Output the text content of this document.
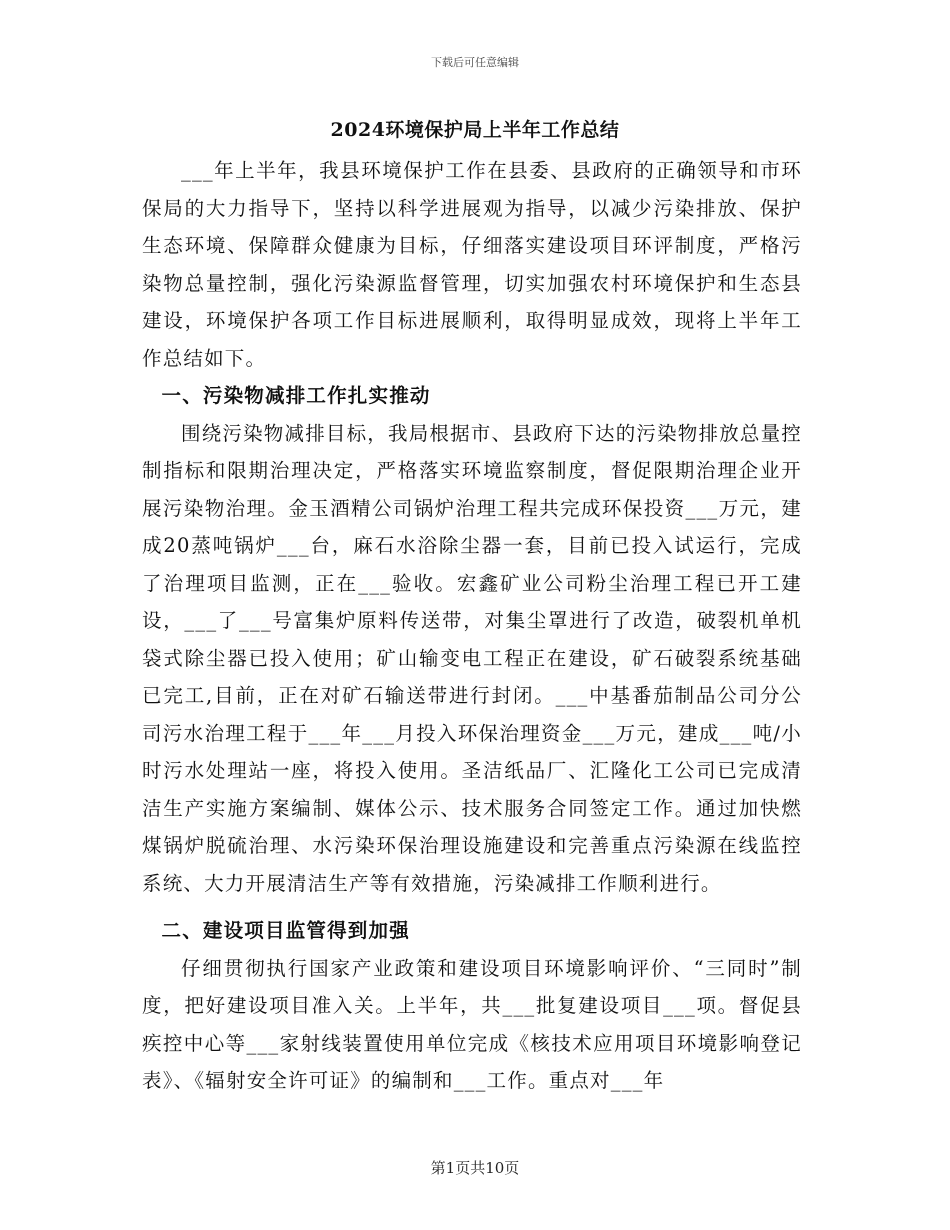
下载后可任意编辑
2024环境保护局上半年工作总结

___年上半年，我县环境保护工作在县委、县政府的正确领导和市环保局的大力指导下，坚持以科学进展观为指导，以减少污染排放、保护生态环境、保障群众健康为目标，仔细落实建设项目环评制度，严格污染物总量控制，强化污染源监督管理，切实加强农村环境保护和生态县建设，环境保护各项工作目标进展顺利，取得明显成效，现将上半年工作总结如下。

一、污染物减排工作扎实推动

围绕污染物减排目标，我局根据市、县政府下达的污染物排放总量控制指标和限期治理决定，严格落实环境监察制度，督促限期治理企业开展污染物治理。金玉酒精公司锅炉治理工程共完成环保投资___万元，建成20蒸吨锅炉___台，麻石水浴除尘器一套，目前已投入试运行，完成了治理项目监测，正在___验收。宏鑫矿业公司粉尘治理工程已开工建设，___了___号富集炉原料传送带，对集尘罩进行了改造，破裂机单机袋式除尘器已投入使用；矿山输变电工程正在建设，矿石破裂系统基础已完工,目前，正在对矿石输送带进行封闭。___中基番茄制品公司分公司污水治理工程于___年___月投入环保治理资金___万元，建成___吨/小时污水处理站一座，将投入使用。圣洁纸品厂、汇隆化工公司已完成清洁生产实施方案编制、媒体公示、技术服务合同签定工作。通过加快燃煤锅炉脱硫治理、水污染环保治理设施建设和完善重点污染源在线监控系统、大力开展清洁生产等有效措施，污染减排工作顺利进行。

二、建设项目监管得到加强

仔细贯彻执行国家产业政策和建设项目环境影响评价、“三同时”制度，把好建设项目准入关。上半年，共___批复建设项目___项。督促县疾控中心等___家射线装置使用单位完成《核技术应用项目环境影响登记表》、《辐射安全许可证》的编制和___工作。重点对___年

第1页共10页
